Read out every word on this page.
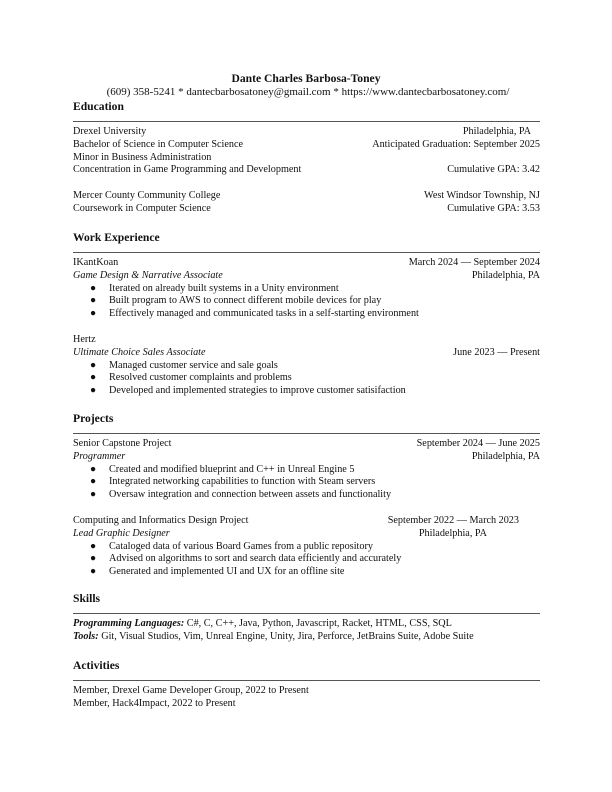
Dante Charles Barbosa-Toney
(609) 358-5241 * dantecbarbosatoney@gmail.com * https://www.dantecbarbosatoney.com/
Education
Drexel University	Philadelphia, PA
Bachelor of Science in Computer Science	Anticipated Graduation: September 2025
Minor in Business Administration
Concentration in Game Programming and Development	Cumulative GPA: 3.42
Mercer County Community College	West Windsor Township, NJ
Coursework in Computer Science	Cumulative GPA: 3.53
Work Experience
IKantKoan	March 2024 — September 2024
Game Design & Narrative Associate	Philadelphia, PA
● Iterated on already built systems in a Unity environment
● Built program to AWS to connect different mobile devices for play
● Effectively managed and communicated tasks in a self-starting environment
Hertz
Ultimate Choice Sales Associate	June 2023 — Present
● Managed customer service and sale goals
● Resolved customer complaints and problems
● Developed and implemented strategies to improve customer satisifaction
Projects
Senior Capstone Project	September 2024 — June 2025
Programmer	Philadelphia, PA
● Created and modified blueprint and C++ in Unreal Engine 5
● Integrated networking capabilities to function with Steam servers
● Oversaw integration and connection between assets and functionality
Computing and Informatics Design Project	September 2022 — March 2023
Lead Graphic Designer	Philadelphia, PA
● Cataloged data of various Board Games from a public repository
● Advised on algorithms to sort and search data efficiently and accurately
● Generated and implemented UI and UX for an offline site
Skills
Programming Languages: C#, C, C++, Java, Python, Javascript, Racket, HTML, CSS, SQL
Tools: Git, Visual Studios, Vim, Unreal Engine, Unity, Jira, Perforce, JetBrains Suite, Adobe Suite
Activities
Member, Drexel Game Developer Group, 2022 to Present
Member, Hack4Impact, 2022 to Present
